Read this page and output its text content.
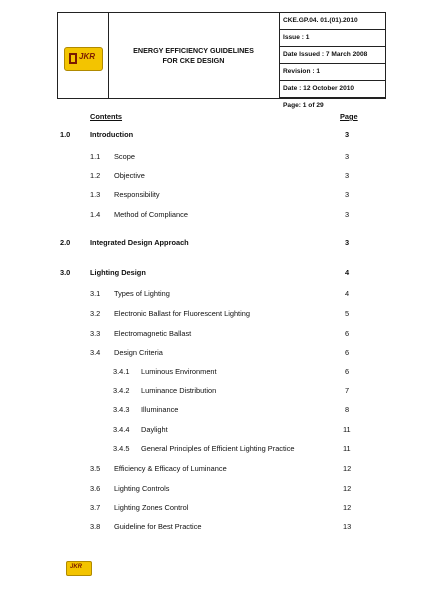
JKR
ENERGY EFFICIENCY GUIDELINES
FOR CKE DESIGN
CKE.GP.04. 01.(01).2010
Issue : 1
Date Issued : 7 March 2008
Revision : 1
Date : 12 October 2010
Page: 1 of 29
Contents	Page
1.0	Introduction	3
1.1 Scope	3
1.2 Objective	3
1.3 Responsibility	3
1.4 Method of Compliance	3
2.0	Integrated Design Approach	3
3.0	Lighting Design	4
3.1 Types of Lighting	4
3.2 Electronic Ballast for Fluorescent Lighting	5
3.3 Electromagnetic Ballast	6
3.4 Design Criteria	6
3.4.1 Luminous Environment	6
3.4.2 Luminance Distribution	7
3.4.3 Illuminance	8
3.4.4 Daylight	11
3.4.5 General Principles of Efficient Lighting Practice	11
3.5 Efficiency & Efficacy of Luminance	12
3.6 Lighting Controls	12
3.7 Lighting Zones Control	12
3.8 Guideline for Best Practice	13
JKR
